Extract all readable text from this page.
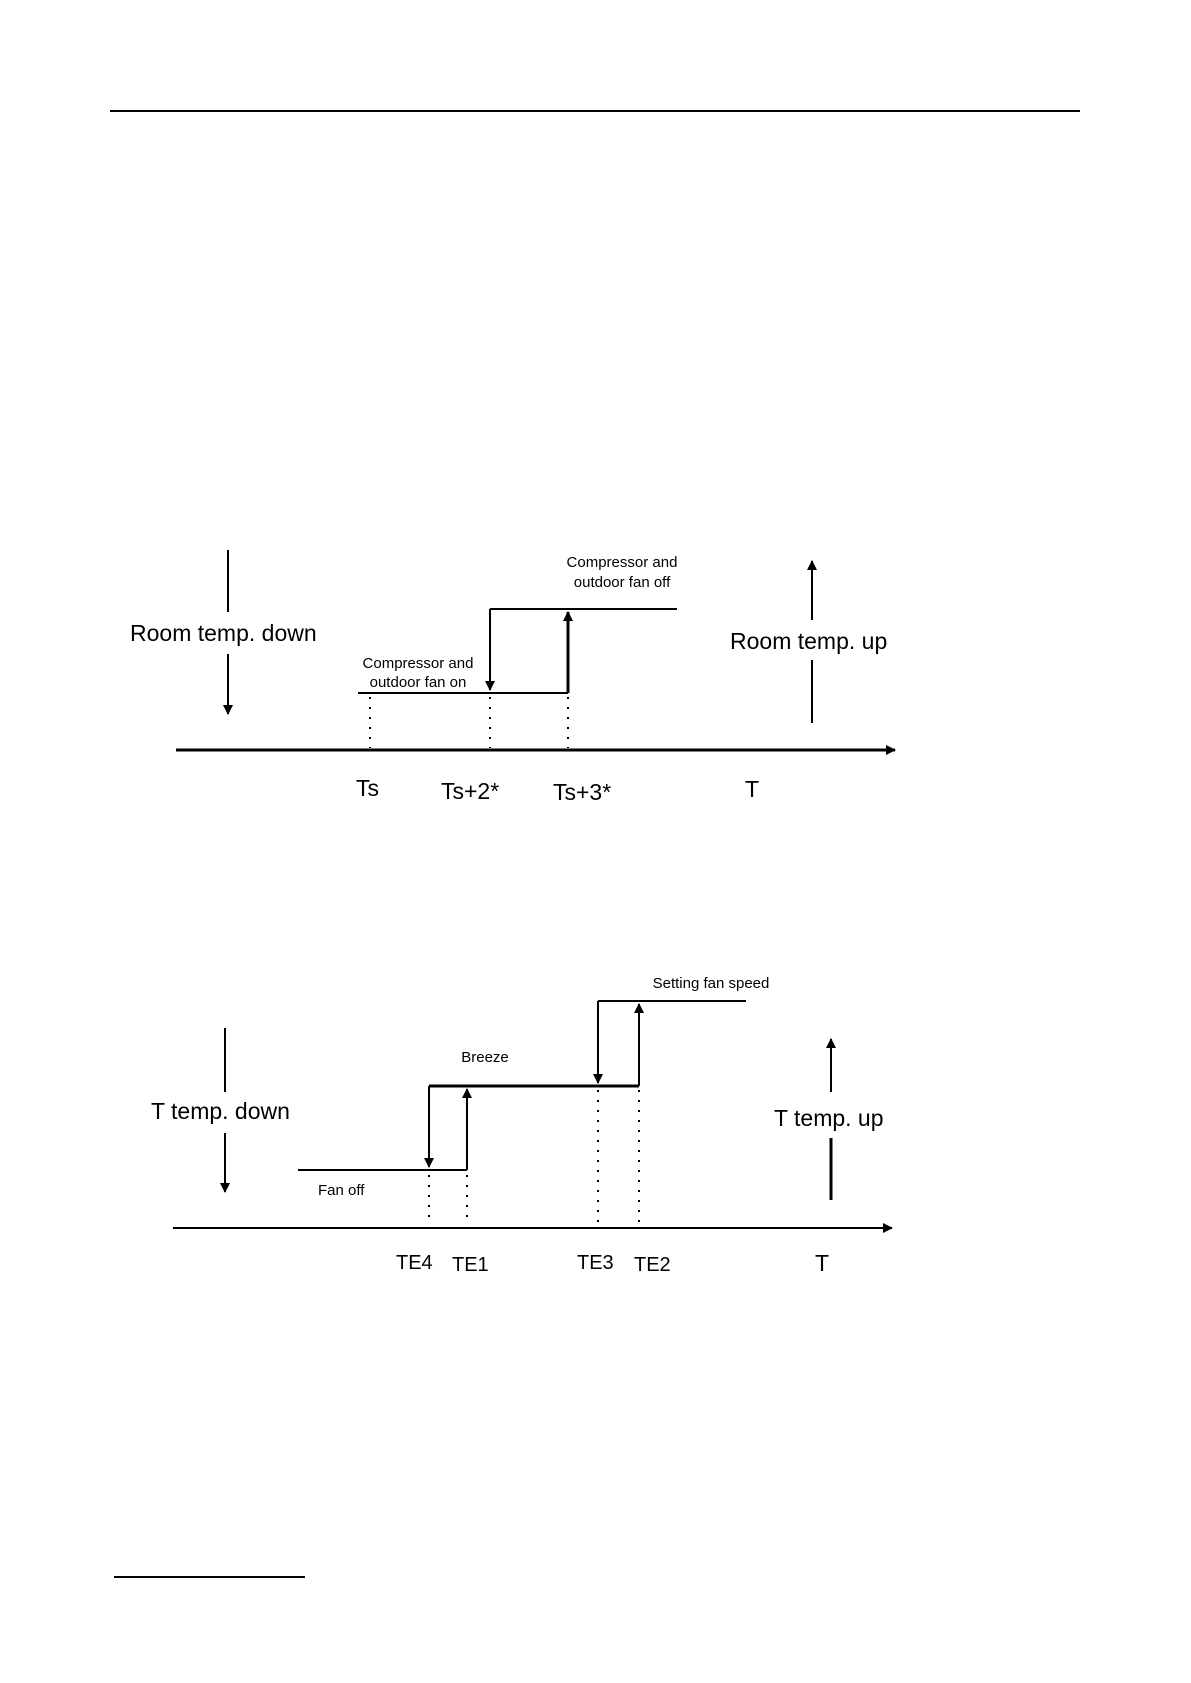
Room temp. down
Compressor and
outdoor fan off
Compressor and
outdoor fan on
Room temp. up
Ts	Ts+2* Ts+3*	T
T temp. down
Setting fan speed
Breeze
Fan off
T temp. up
TE4 TE1	TE3 TE2	T
